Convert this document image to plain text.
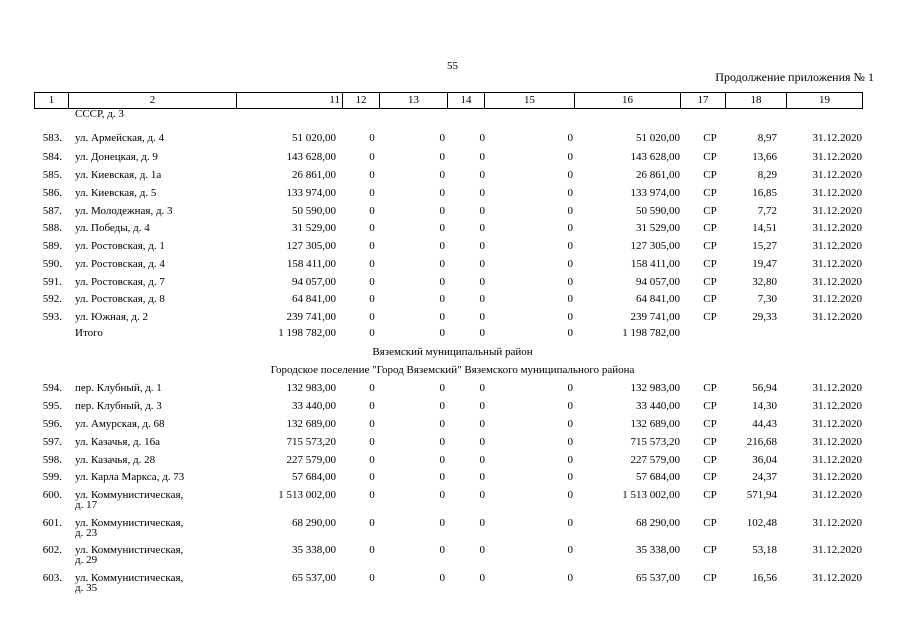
55
Продолжение приложения № 1
1	2	11	12	13	14	15	16	17	18	19
СССР, д. 3
583. ул. Армейская, д. 4	51 020,00	0	0	0	0	51 020,00	СР	8,97	31.12.2020
584. ул. Донецкая, д. 9	143 628,00	0	0	0	0	143 628,00	СР	13,66	31.12.2020
585. ул. Киевская, д. 1а	26 861,00	0	0	0	0	26 861,00	СР	8,29	31.12.2020
586. ул. Киевская, д. 5	133 974,00	0	0	0	0	133 974,00	СР	16,85	31.12.2020
587. ул. Молодежная, д. 3	50 590,00	0	0	0	0	50 590,00	СР	7,72	31.12.2020
588. ул. Победы, д. 4	31 529,00	0	0	0	0	31 529,00	СР	14,51	31.12.2020
589. ул. Ростовская, д. 1	127 305,00	0	0	0	0	127 305,00	СР	15,27	31.12.2020
590. ул. Ростовская, д. 4	158 411,00	0	0	0	0	158 411,00	СР	19,47	31.12.2020
591. ул. Ростовская, д. 7	94 057,00	0	0	0	0	94 057,00	СР	32,80	31.12.2020
592. ул. Ростовская, д. 8	64 841,00	0	0	0	0	64 841,00	СР	7,30	31.12.2020
593. ул. Южная, д. 2	239 741,00	0	0	0	0	239 741,00	СР	29,33	31.12.2020
Итого	1 198 782,00	0	0	0	0	1 198 782,00
Вяземский муниципальный район
Городское поселение "Город Вяземский" Вяземского муниципального района
594. пер. Клубный, д. 1	132 983,00	0	0	0	0	132 983,00	СР	56,94	31.12.2020
595. пер. Клубный, д. 3	33 440,00	0	0	0	0	33 440,00	СР	14,30	31.12.2020
596. ул. Амурская, д. 68	132 689,00	0	0	0	0	132 689,00	СР	44,43	31.12.2020
597. ул. Казачья, д. 16а	715 573,20	0	0	0	0	715 573,20	СР	216,68	31.12.2020
598. ул. Казачья, д. 28	227 579,00	0	0	0	0	227 579,00	СР	36,04	31.12.2020
599. ул. Карла Маркса, д. 73	57 684,00	0	0	0	0	57 684,00	СР	24,37	31.12.2020
600. ул. Коммунистическая,	1 513 002,00	0	0	0	0	1 513 002,00	СР	571,94	31.12.2020
д. 17
601. ул. Коммунистическая,	68 290,00	0	0	0	0	68 290,00	СР	102,48	31.12.2020
д. 23
602. ул. Коммунистическая,	35 338,00	0	0	0	0	35 338,00	СР	53,18	31.12.2020
д. 29
603. ул. Коммунистическая,	65 537,00	0	0	0	0	65 537,00	СР	16,56	31.12.2020
д. 35
